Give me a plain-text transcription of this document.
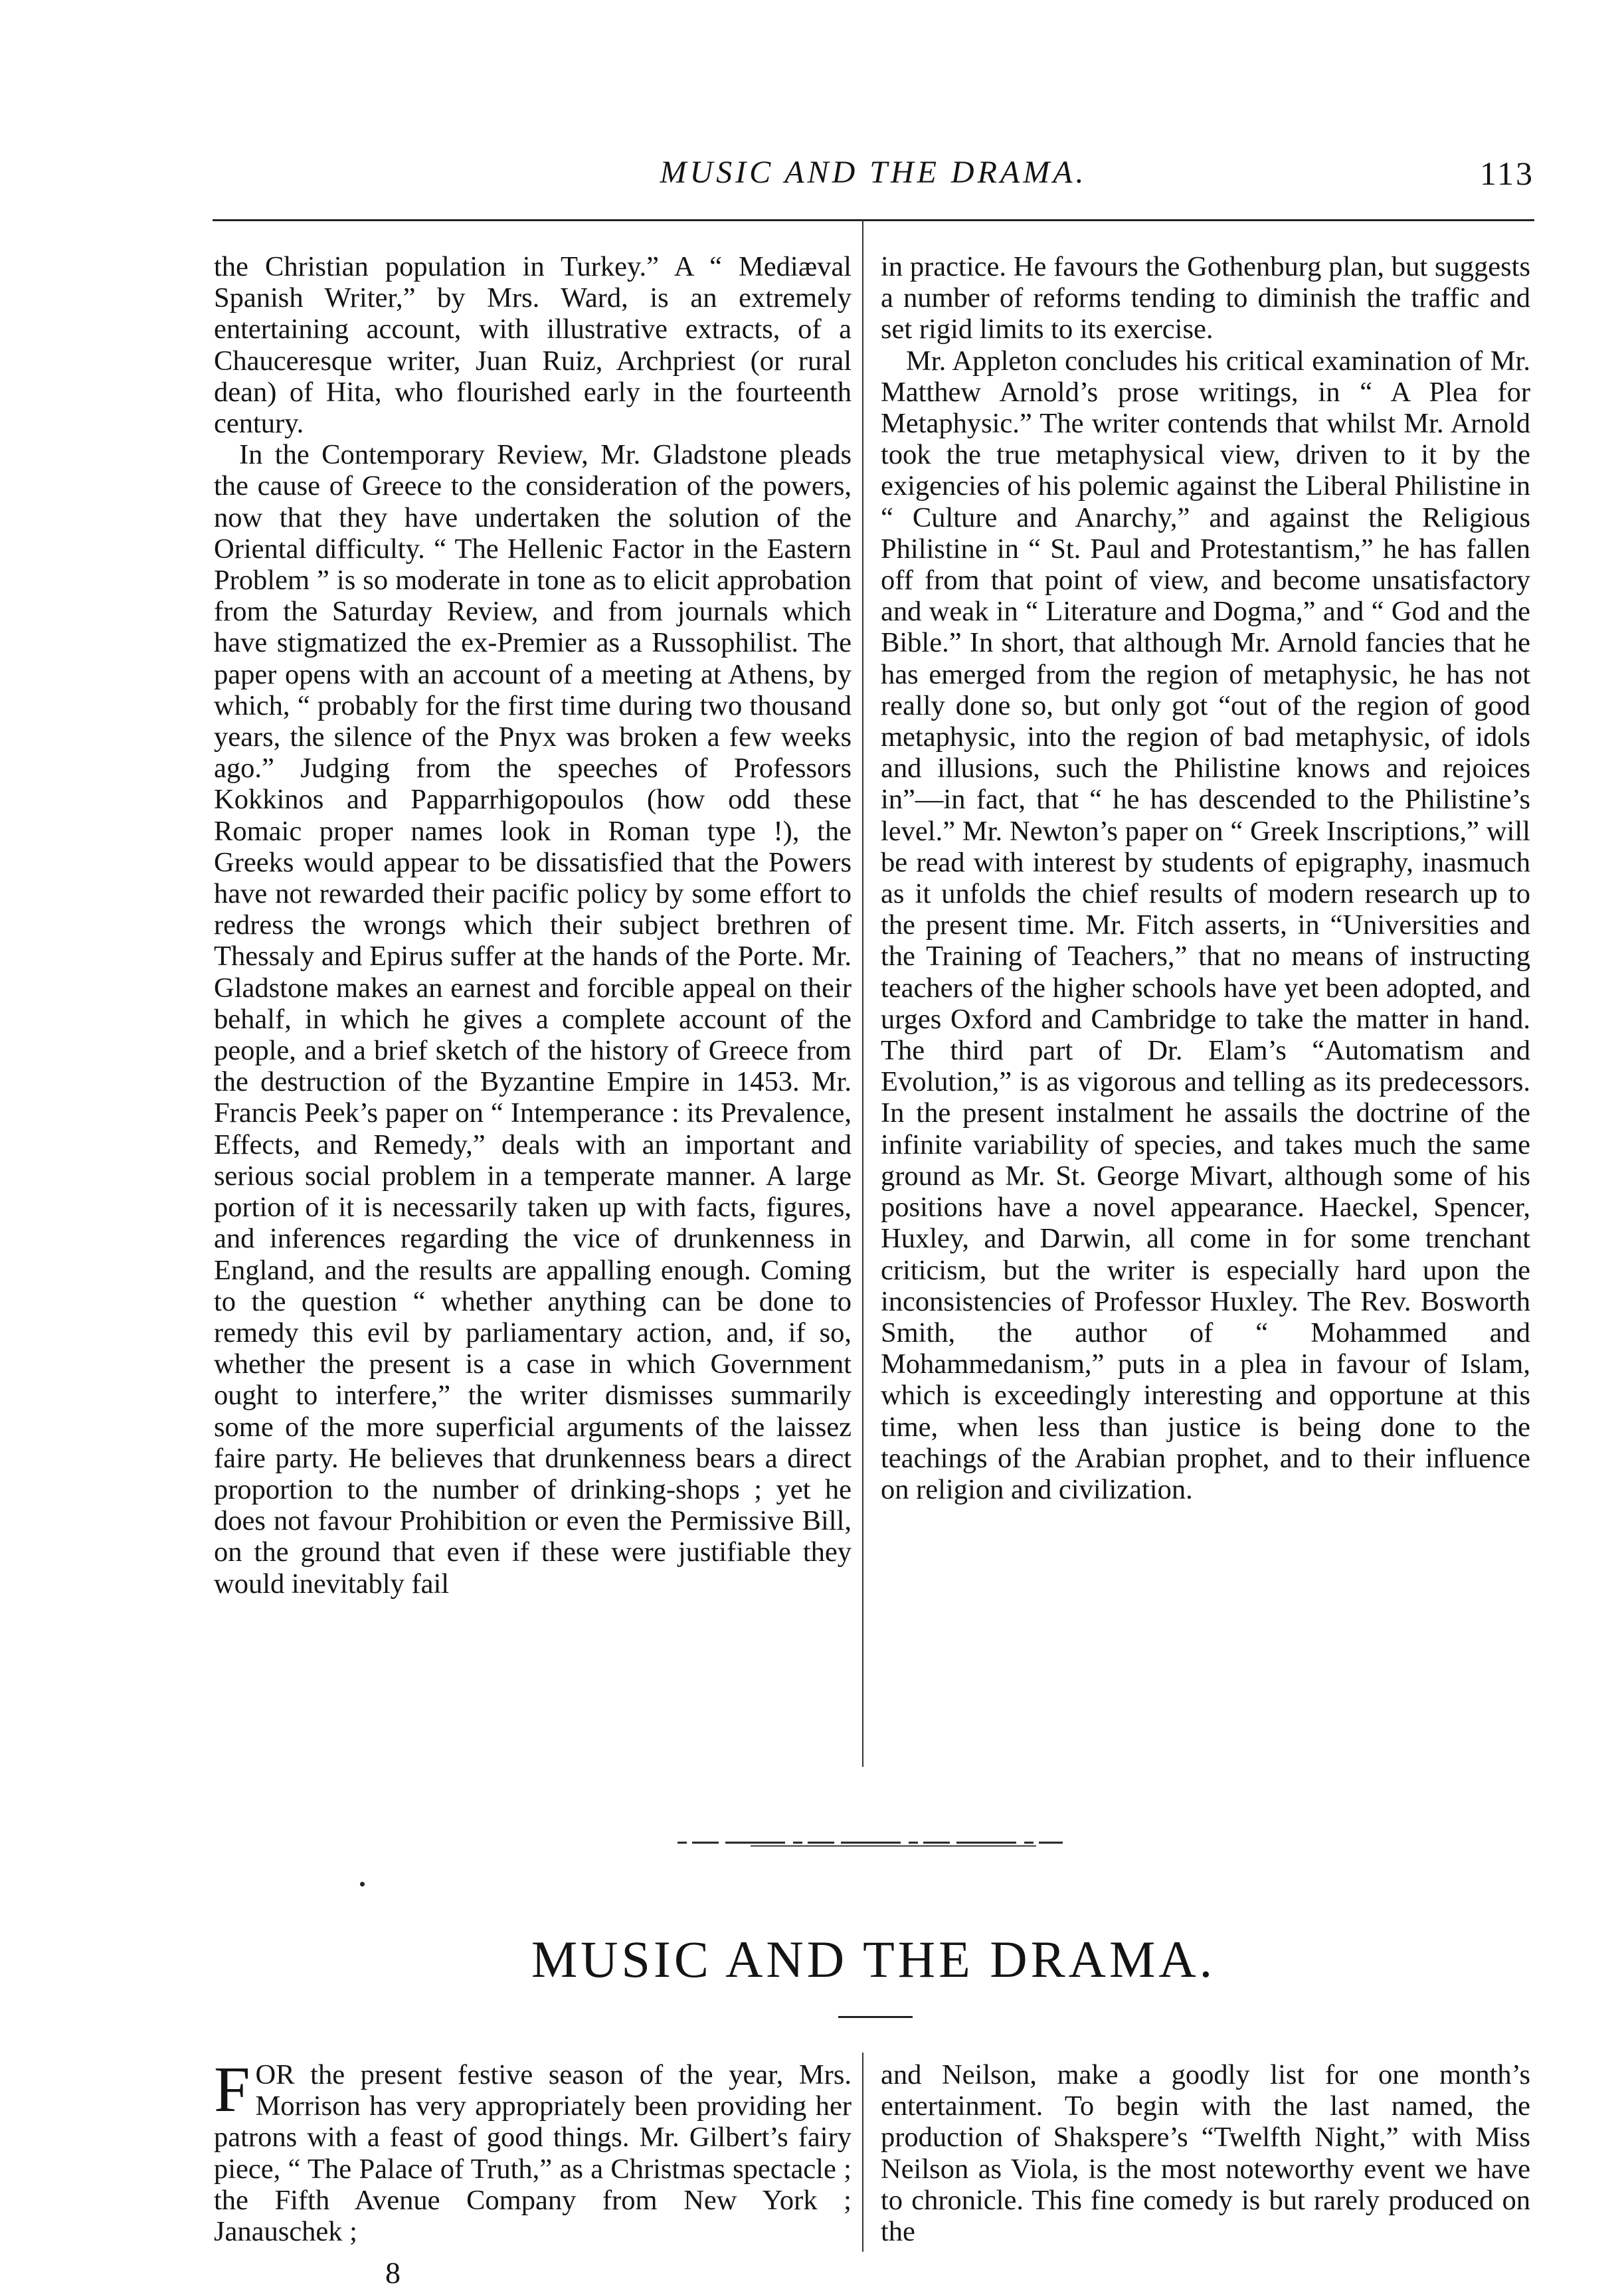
MUSIC AND THE DRAMA.	113

the Christian population in Turkey.” A “ Mediæval Spanish Writer,” by Mrs. Ward, is an extremely entertaining account, with illustrative extracts, of a Chauceresque writer, Juan Ruiz, Archpriest (or rural dean) of Hita, who flourished early in the fourteenth century.

In the Contemporary Review, Mr. Gladstone pleads the cause of Greece to the consideration of the powers, now that they have undertaken the solution of the Oriental difficulty. “ The Hellenic Factor in the Eastern Problem ” is so moderate in tone as to elicit approbation from the Saturday Review, and from journals which have stigmatized the ex-Premier as a Russophilist. The paper opens with an account of a meeting at Athens, by which, “ probably for the first time during two thousand years, the silence of the Pnyx was broken a few weeks ago.” Judging from the speeches of Professors Kokkinos and Papparrhigopoulos (how odd these Romaic proper names look in Roman type !), the Greeks would appear to be dissatisfied that the Powers have not rewarded their pacific policy by some effort to redress the wrongs which their subject brethren of Thessaly and Epirus suffer at the hands of the Porte. Mr. Gladstone makes an earnest and forcible appeal on their behalf, in which he gives a complete account of the people, and a brief sketch of the history of Greece from the destruction of the Byzantine Empire in 1453. Mr. Francis Peek’s paper on “ Intemperance : its Prevalence, Effects, and Remedy,” deals with an important and serious social problem in a temperate manner. A large portion of it is necessarily taken up with facts, figures, and inferences regarding the vice of drunkenness in England, and the results are appalling enough. Coming to the question “ whether anything can be done to remedy this evil by parliamentary action, and, if so, whether the present is a case in which Government ought to interfere,” the writer dismisses summarily some of the more superficial arguments of the laissez faire party. He believes that drunkenness bears a direct proportion to the number of drinking-shops ; yet he does not favour Prohibition or even the Permissive Bill, on the ground that even if these were justifiable they would inevitably fail

in practice. He favours the Gothenburg plan, but suggests a number of reforms tending to diminish the traffic and set rigid limits to its exercise.

Mr. Appleton concludes his critical examination of Mr. Matthew Arnold’s prose writings, in “ A Plea for Metaphysic.” The writer contends that whilst Mr. Arnold took the true metaphysical view, driven to it by the exigencies of his polemic against the Liberal Philistine in “ Culture and Anarchy,” and against the Religious Philistine in “ St. Paul and Protestantism,” he has fallen off from that point of view, and become unsatisfactory and weak in “ Literature and Dogma,” and “ God and the Bible.” In short, that although Mr. Arnold fancies that he has emerged from the region of metaphysic, he has not really done so, but only got “out of the region of good metaphysic, into the region of bad metaphysic, of idols and illusions, such the Philistine knows and rejoices in”—in fact, that “ he has descended to the Philistine’s level.” Mr. Newton’s paper on “ Greek Inscriptions,” will be read with interest by students of epigraphy, inasmuch as it unfolds the chief results of modern research up to the present time. Mr. Fitch asserts, in “Universities and the Training of Teachers,” that no means of instructing teachers of the higher schools have yet been adopted, and urges Oxford and Cambridge to take the matter in hand. The third part of Dr. Elam’s “Automatism and Evolution,” is as vigorous and telling as its predecessors. In the present instalment he assails the doctrine of the infinite variability of species, and takes much the same ground as Mr. St. George Mivart, although some of his positions have a novel appearance. Haeckel, Spencer, Huxley, and Darwin, all come in for some trenchant criticism, but the writer is especially hard upon the inconsistencies of Professor Huxley. The Rev. Bosworth Smith, the author of “ Mohammed and Mohammedanism,” puts in a plea in favour of Islam, which is exceedingly interesting and opportune at this time, when less than justice is being done to the teachings of the Arabian prophet, and to their influence on religion and civilization.

MUSIC AND THE DRAMA.

FOR the present festive season of the year, Mrs. Morrison has very appropriately been providing her patrons with a feast of good things. Mr. Gilbert’s fairy piece, “ The Palace of Truth,” as a Christmas spectacle ; the Fifth Avenue Company from New York ; Janauschek ;

and Neilson, make a goodly list for one month’s entertainment. To begin with the last named, the production of Shakspere’s “Twelfth Night,” with Miss Neilson as Viola, is the most noteworthy event we have to chronicle. This fine comedy is but rarely produced on the

8
